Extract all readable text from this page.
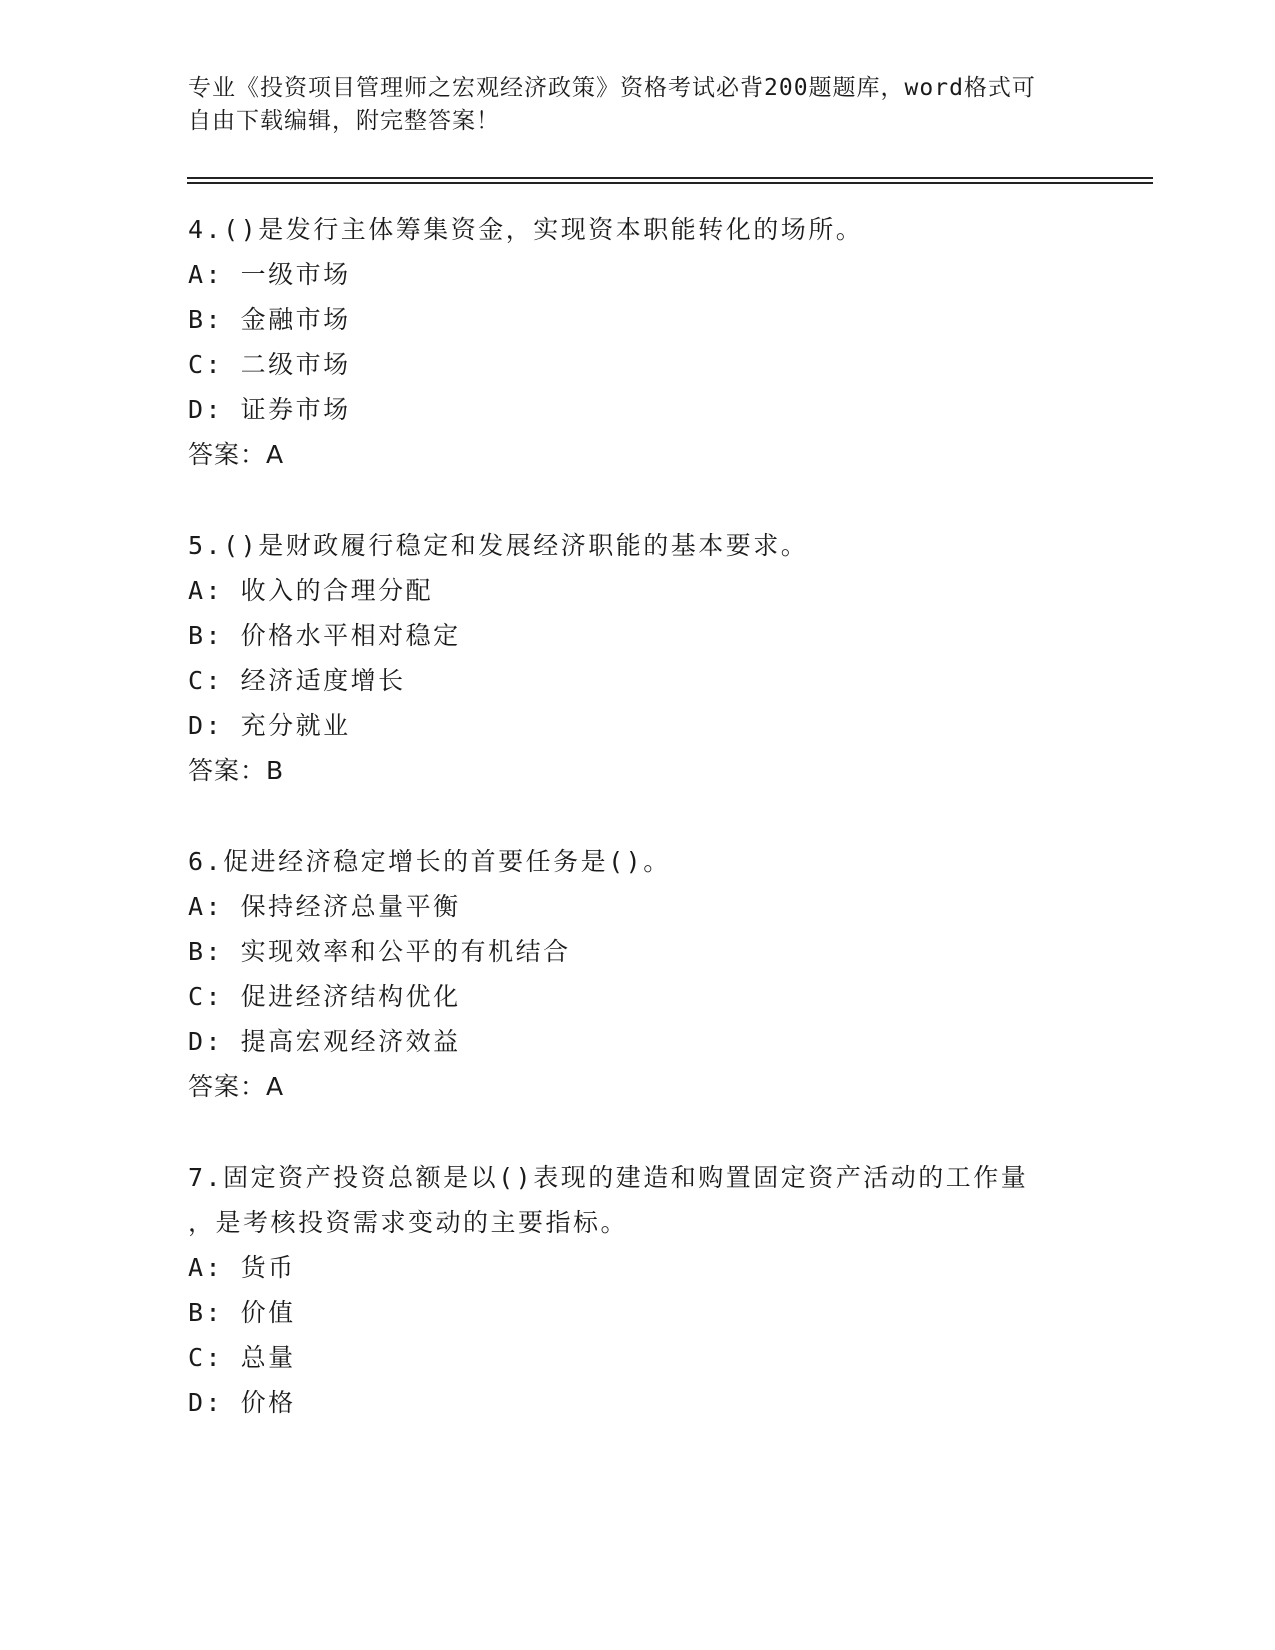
专业《投资项目管理师之宏观经济政策》资格考试必背200题题库，word格式可
自由下载编辑，附完整答案！
4.()是发行主体筹集资金，实现资本职能转化的场所。
A: 一级市场
B: 金融市场
C: 二级市场
D: 证券市场
答案：A
5.()是财政履行稳定和发展经济职能的基本要求。
A: 收入的合理分配
B: 价格水平相对稳定
C: 经济适度增长
D: 充分就业
答案：B
6.促进经济稳定增长的首要任务是()。
A: 保持经济总量平衡
B: 实现效率和公平的有机结合
C: 促进经济结构优化
D: 提高宏观经济效益
答案：A
7.固定资产投资总额是以()表现的建造和购置固定资产活动的工作量
，是考核投资需求变动的主要指标。
A: 货币
B: 价值
C: 总量
D: 价格
